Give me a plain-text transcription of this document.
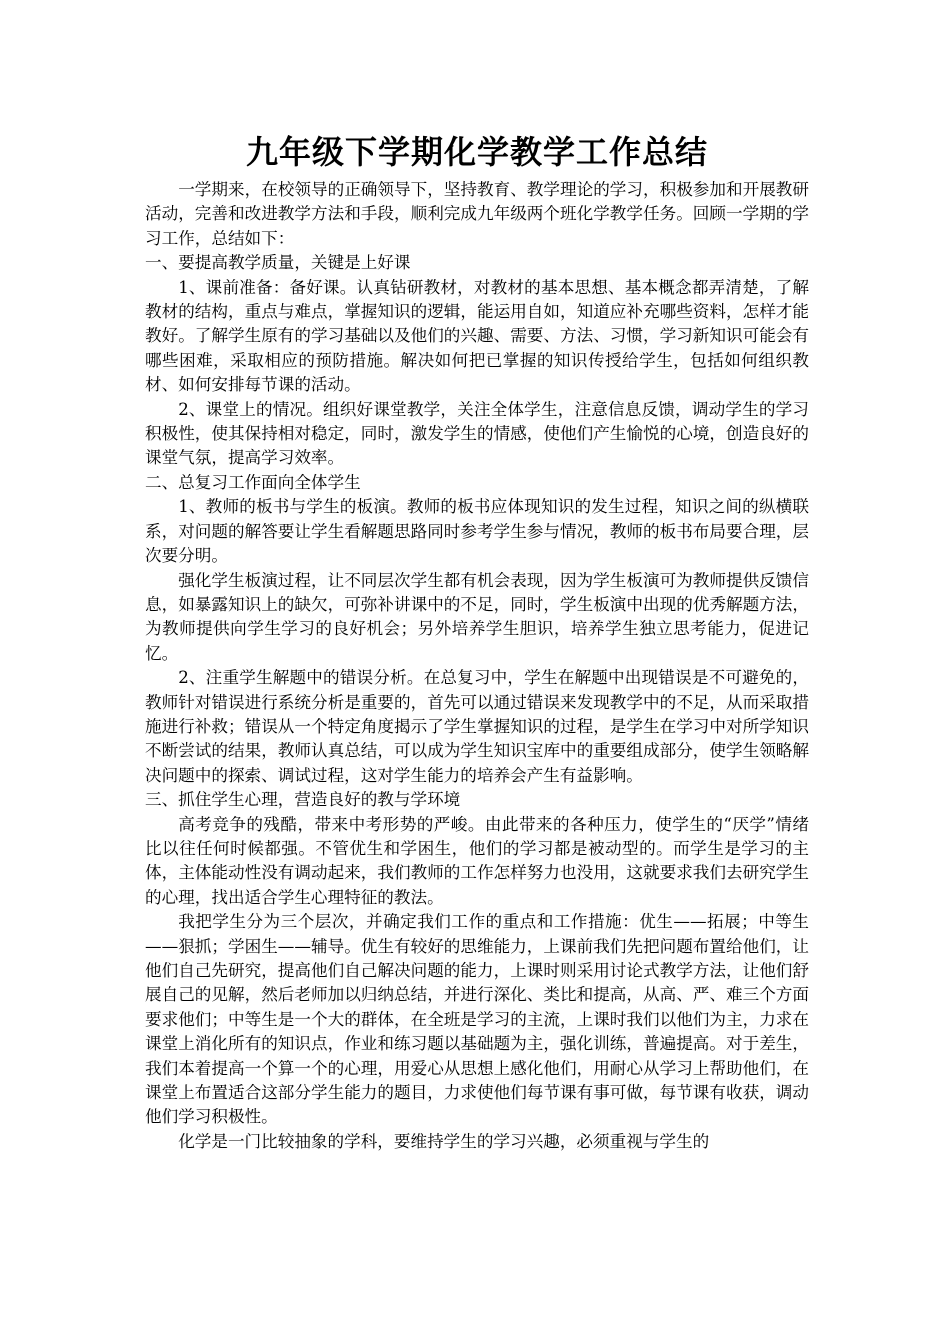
九年级下学期化学教学工作总结

一学期来，在校领导的正确领导下，坚持教育、教学理论的学习，积极参加和开展教研活动，完善和改进教学方法和手段，顺利完成九年级两个班化学教学任务。回顾一学期的学习工作，总结如下：

一、要提高教学质量，关键是上好课

1、课前准备：备好课。认真钻研教材，对教材的基本思想、基本概念都弄清楚，了解教材的结构，重点与难点，掌握知识的逻辑，能运用自如，知道应补充哪些资料，怎样才能教好。了解学生原有的学习基础以及他们的兴趣、需要、方法、习惯，学习新知识可能会有哪些困难，采取相应的预防措施。解决如何把已掌握的知识传授给学生，包括如何组织教材、如何安排每节课的活动。

2、课堂上的情况。组织好课堂教学，关注全体学生，注意信息反馈，调动学生的学习积极性，使其保持相对稳定，同时，激发学生的情感，使他们产生愉悦的心境，创造良好的课堂气氛，提高学习效率。

二、总复习工作面向全体学生

1、教师的板书与学生的板演。教师的板书应体现知识的发生过程，知识之间的纵横联系，对问题的解答要让学生看解题思路同时参考学生参与情况，教师的板书布局要合理，层次要分明。

强化学生板演过程，让不同层次学生都有机会表现，因为学生板演可为教师提供反馈信息，如暴露知识上的缺欠，可弥补讲课中的不足，同时，学生板演中出现的优秀解题方法，为教师提供向学生学习的良好机会；另外培养学生胆识，培养学生独立思考能力，促进记忆。

2、注重学生解题中的错误分析。在总复习中，学生在解题中出现错误是不可避免的，教师针对错误进行系统分析是重要的，首先可以通过错误来发现教学中的不足，从而采取措施进行补救；错误从一个特定角度揭示了学生掌握知识的过程，是学生在学习中对所学知识不断尝试的结果，教师认真总结，可以成为学生知识宝库中的重要组成部分，使学生领略解决问题中的探索、调试过程，这对学生能力的培养会产生有益影响。

三、抓住学生心理，营造良好的教与学环境

高考竞争的残酷，带来中考形势的严峻。由此带来的各种压力，使学生的“厌学”情绪比以往任何时候都强。不管优生和学困生，他们的学习都是被动型的。而学生是学习的主体，主体能动性没有调动起来，我们教师的工作怎样努力也没用，这就要求我们去研究学生的心理，找出适合学生心理特征的教法。

我把学生分为三个层次，并确定我们工作的重点和工作措施：优生——拓展；中等生——狠抓；学困生——辅导。优生有较好的思维能力，上课前我们先把问题布置给他们，让他们自己先研究，提高他们自己解决问题的能力，上课时则采用讨论式教学方法，让他们舒展自己的见解，然后老师加以归纳总结，并进行深化、类比和提高，从高、严、难三个方面要求他们；中等生是一个大的群体，在全班是学习的主流，上课时我们以他们为主，力求在课堂上消化所有的知识点，作业和练习题以基础题为主，强化训练，普遍提高。对于差生，我们本着提高一个算一个的心理，用爱心从思想上感化他们，用耐心从学习上帮助他们，在课堂上布置适合这部分学生能力的题目，力求使他们每节课有事可做，每节课有收获，调动他们学习积极性。

化学是一门比较抽象的学科，要维持学生的学习兴趣，必须重视与学生的
